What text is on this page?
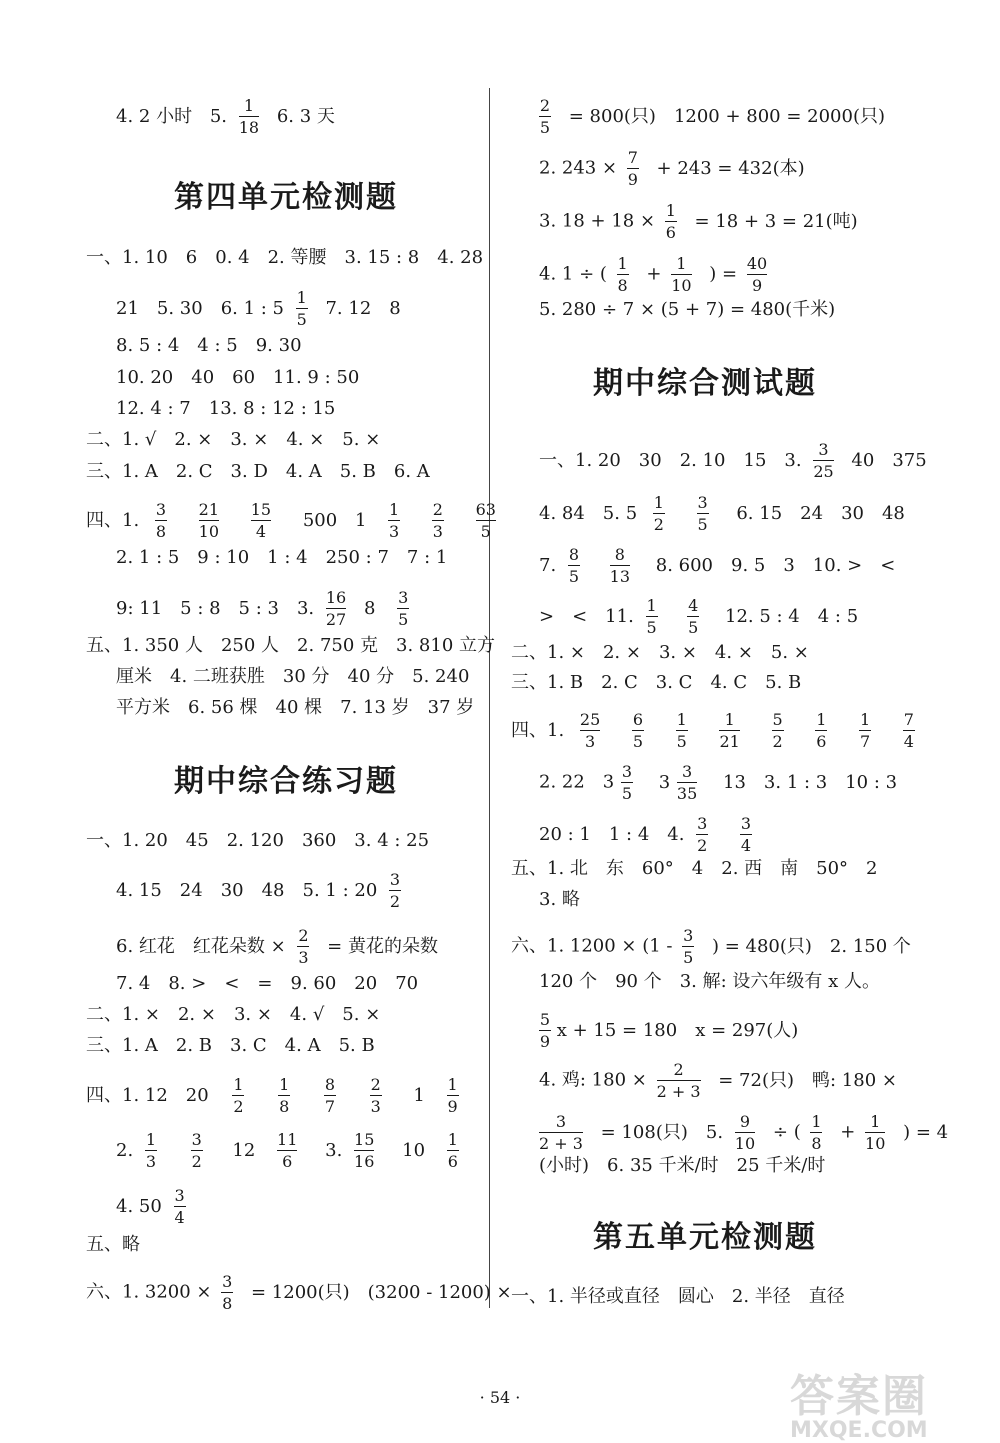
4. 2 小时 5. $\frac{1}{18} 6$. 3 天
第四单元检测题
一、1. 10　6　0. 4　2. 等腰　3. 15 : 8　4. 28
21　5. 30　6. 1 : $5 \frac{1}{5} 7$. 12　8
8. 5 : 4　4 : 5　9. 30
10. 20　40　60　11. 9 : 50
12. 4 : 7　13. 8 : 12 : 15
二、1. √　2. ×　3. ×　4. ×　5. ×
三、1. A　2. C　3. D　4. A　5. B　6. A
四、1. $\frac{3}{8}$
$\frac{21}{10}$
$\frac{15}{4} 500$ $1 \frac{1}{3}$
$\frac{2}{3}$
$\frac{63}{5}$
2. 1 : 5　9 : 10　1 : 4　250 : 7　7 : 1
9: 11　5 : 8　5 : 3　3. $\frac{16}{27} 8 \frac{3}{5}$
五、1. 350 人　250 人　2. 750 克　3. 810 立方
厘米　4. 二班获胜　30 分　40 分　5. 240
平方米　6. 56 棵　40 棵　7. 13 岁　37 岁
期中综合练习题
一、1. 20　45　2. 120　360　3. 4 : 25
4. 15　24　30　48　5. 1 : $20 \frac{3}{2}$
6. 红花　红花朵数 × $\frac{2}{3}$ = 黄花的朵数
7. 4　8. >　<　=　9. 60　20　70
二、1. ×　2. ×　3. ×　4. √　5. ×
三、1. A　2. B　3. C　4. A　5. B
四、1. 12　$20 \frac{1}{2}$
$\frac{1}{8}$
$\frac{8}{7}$
$\frac{2}{3} 1 \frac{1}{9}$
2. $\frac{1}{3}$
$\frac{3}{2} 12 \frac{11}{6} 3$. $\frac{15}{16} 10 \frac{1}{6}$
4. $50 \frac{3}{4}$
五、略
六、1. $3200 \times \frac{3}{8} = 1200$(只)　(3200 - 1200) ×
$\frac{2}{5} = 800$(只)　1200 + 800 = 2000(只)
2. $243 \times \frac{7}{9} + 243 = 432$(本)
3. $18 + 18 \times \frac{1}{6} = 18 + 3 = 21$(吨)
4. 1 ÷ ( $\frac{1}{8} + \frac{1}{10}$ ) = $\frac{40}{9}$
5. 280 ÷ 7 × (5 + 7) = 480(千米)
期中综合测试题
一、1. 20　30　2. 10　15　3. $\frac{3}{25} 40$　375
4. 84　5. $5 \frac{1}{2}$
$\frac{3}{5} 6$. 15　24　30　48
7. $\frac{8}{5}$
$\frac{8}{13} 8$. 600　9. 5　3　10. >　<
>　<　11. $\frac{1}{5}$
$\frac{4}{5} 12$. 5 : 4　4 : 5
二、1. ×　2. ×　3. ×　4. ×　5. ×
三、1. B　2. C　3. C　4. C　5. B
四、1. $\frac{25}{3}$
$\frac{6}{5}$
$\frac{1}{5}$
$\frac{1}{21}$
$\frac{5}{2}$
$\frac{1}{6}$
$\frac{1}{7}$
$\frac{7}{4}$
2. 22　$3 \frac{3}{5} 3 \frac{3}{35} 13$　3. 1 : 3　10 : 3
20 : 1　1 : 4　4. $\frac{3}{2}$
$\frac{3}{4}$
五、1. 北　东　60°　4　2. 西　南　50°　2
3. 略
六、1. $1200 \times (1 - \frac{3}{5}$ ) = 480(只)　2. 150 个
120 个　90 个　3. 解: 设六年级有 x 人。
$\frac{5}{9}$ x + 15 = 180　x = 297(人)
4. 鸡: $180 \times \frac{2}{2 + 3} = 72$(只)　鸭: 180 ×
$\frac{3}{2 + 3} = 108$(只)　5. $\frac{9}{10}$ ÷ ( $\frac{1}{8} + \frac{1}{10}$ ) = 4
(小时)　6. 35 千米/时　25 千米/时
第五单元检测题
一、1. 半径或直径　圆心　2. 半径　直径
· 54 ·	答案圈
MXQE.COM
